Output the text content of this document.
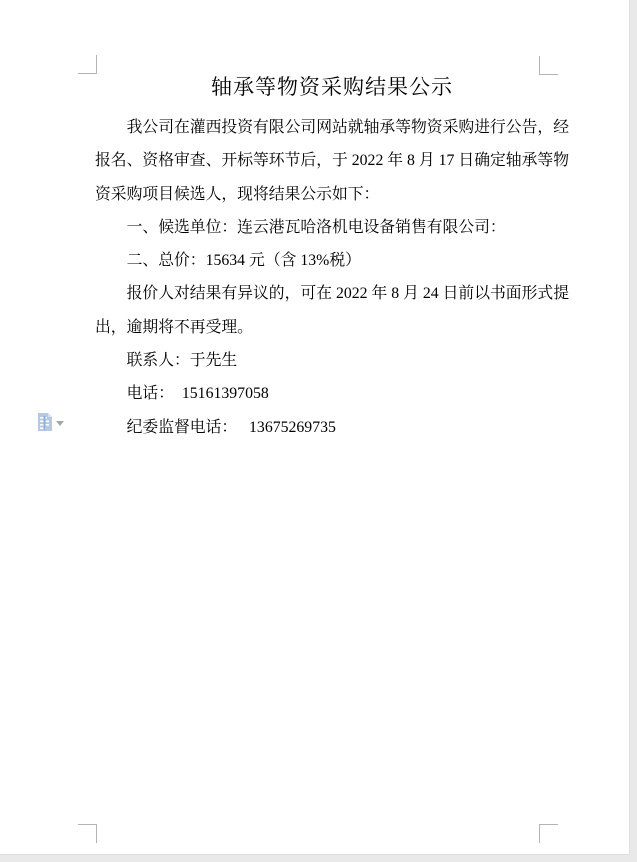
轴承等物资采购结果公示

我公司在灌西投资有限公司网站就轴承等物资采购进行公告，经报名、资格审查、开标等环节后，于 2022 年 8 月 17 日确定轴承等物资采购项目候选人，现将结果公示如下：

一、候选单位：连云港瓦哈洛机电设备销售有限公司：

二、总价：15634 元（含 13%税）

报价人对结果有异议的，可在 2022 年 8 月 24 日前以书面形式提出，逾期将不再受理。

联系人：于先生

电话：  15161397058

纪委监督电话：   13675269735
